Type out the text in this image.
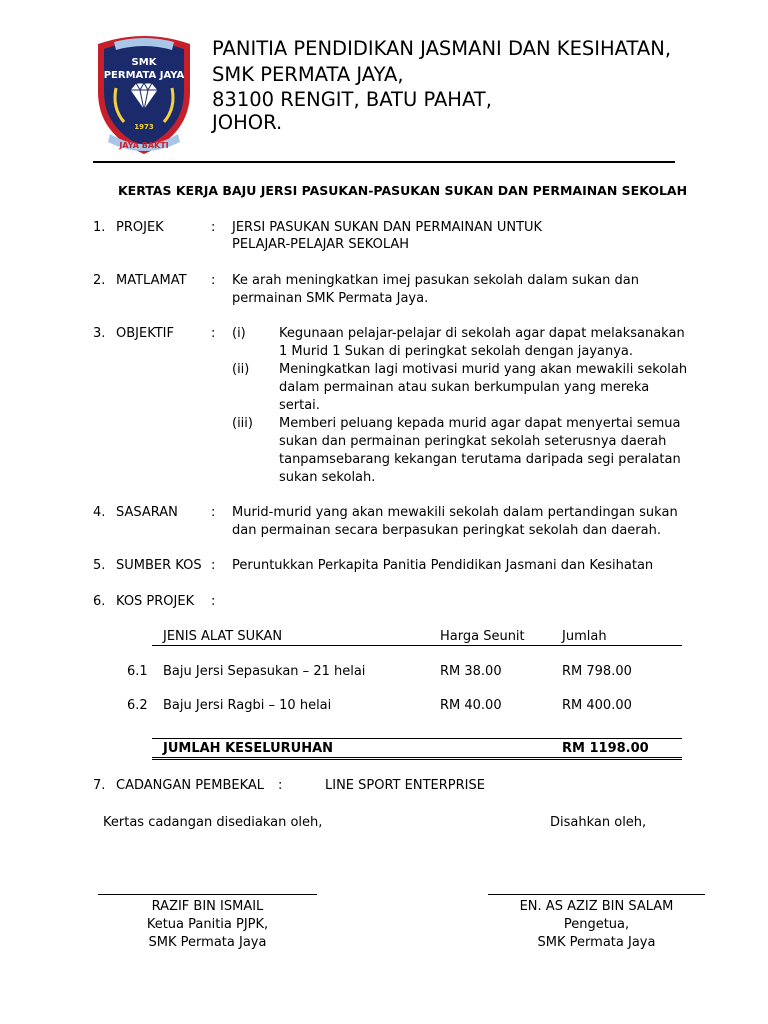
SMK
PERMATA JAYA
1973
JAYA BAKTI
PANITIA PENDIDIKAN JASMANI DAN KESIHATAN,
SMK PERMATA JAYA,
83100 RENGIT, BATU PAHAT,
JOHOR.
KERTAS KERJA BAJU JERSI PASUKAN-PASUKAN SUKAN DAN PERMAINAN SEKOLAH
1. PROJEK	: JERSI PASUKAN SUKAN DAN PERMAINAN UNTUK
PELAJAR-PELAJAR SEKOLAH
2. MATLAMAT : Ke arah meningkatkan imej pasukan sekolah dalam sukan dan
permainan SMK Permata Jaya.
3. OBJEKTIF	: (i)	Kegunaan pelajar-pelajar di sekolah agar dapat melaksanakan
1 Murid 1 Sukan di peringkat sekolah dengan jayanya.
(ii) Meningkatkan lagi motivasi murid yang akan mewakili sekolah
dalam permainan atau sukan berkumpulan yang mereka
sertai.
(iii) Memberi peluang kepada murid agar dapat menyertai semua
sukan dan permainan peringkat sekolah seterusnya daerah
tanpamsebarang kekangan terutama daripada segi peralatan
sukan sekolah.
4. SASARAN	: Murid-murid yang akan mewakili sekolah dalam pertandingan sukan
dan permainan secara berpasukan peringkat sekolah dan daerah.
5. SUMBER KOS : Peruntukkan Perkapita Panitia Pendidikan Jasmani dan Kesihatan
6. KOS PROJEK :
JENIS ALAT SUKAN	Harga Seunit	Jumlah
6.1 Baju Jersi Sepasukan – 21 helai	RM 38.00	RM 798.00
6.2 Baju Jersi Ragbi – 10 helai	RM 40.00	RM 400.00
JUMLAH KESELURUHAN	RM 1198.00
7. CADANGAN PEMBEKAL :	LINE SPORT ENTERPRISE
Kertas cadangan disediakan oleh,	Disahkan oleh,
RAZIF BIN ISMAIL
Ketua Panitia PJPK,
SMK Permata Jaya
EN. AS AZIZ BIN SALAM
Pengetua,
SMK Permata Jaya
